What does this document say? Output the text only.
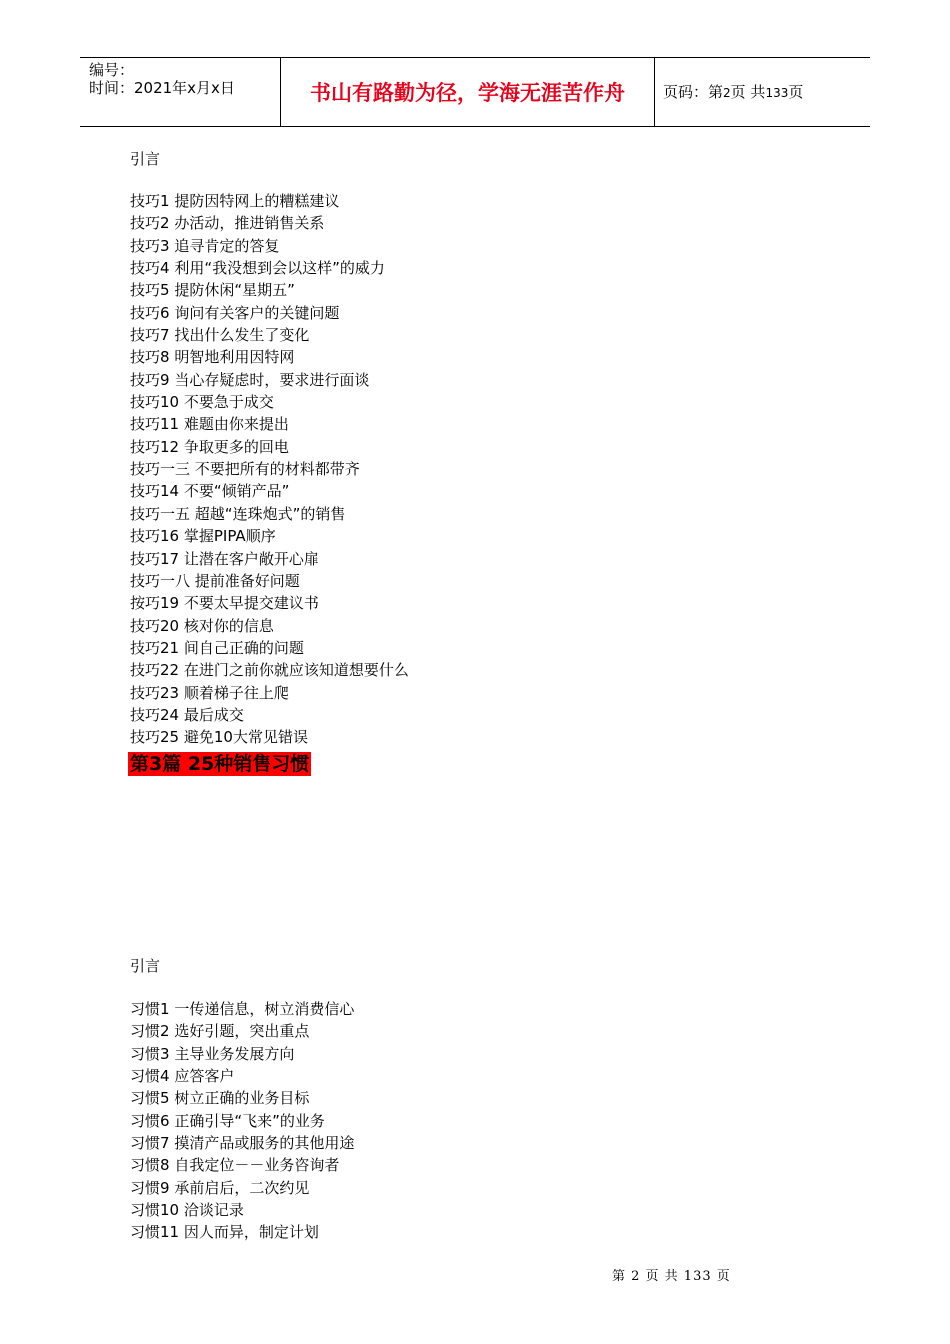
编号：
时间：2021年x月x日	书山有路勤为径，学海无涯苦作舟	页码：第2页 共133页
引言
技巧1 提防因特网上的糟糕建议
技巧2 办活动，推进销售关系
技巧3 追寻肯定的答复
技巧4 利用“我没想到会以这样”的威力
技巧5 提防休闲“星期五”
技巧6 询问有关客户的关键问题
技巧7 找出什么发生了变化
技巧8 明智地利用因特网
技巧9 当心存疑虑时，要求进行面谈
技巧10 不要急于成交
技巧11 难题由你来提出
技巧12 争取更多的回电
技巧一三 不要把所有的材料都带齐
技巧14 不要“倾销产品”
技巧一五 超越“连珠炮式”的销售
技巧16 掌握PIPA顺序
技巧17 让潜在客户敞开心扉
技巧一八 提前准备好问题
按巧19 不要太早提交建议书
技巧20 核对你的信息
技巧21 间自己正确的问题
技巧22 在进门之前你就应该知道想要什么
技巧23 顺着梯子往上爬
技巧24 最后成交
技巧25 避免10大常见错误
第3篇 25种销售习惯
引言
习惯1 一传递信息，树立消费信心
习惯2 选好引题，突出重点
习惯3 主导业务发展方向
习惯4 应答客户
习惯5 树立正确的业务目标
习惯6 正确引导“飞来”的业务
习惯7 摸清产品或服务的其他用途
习惯8 自我定位－－业务咨询者
习惯9 承前启后，二次约见
习惯10 洽谈记录
习惯11 因人而异，制定计划
第 2 页 共 133 页
